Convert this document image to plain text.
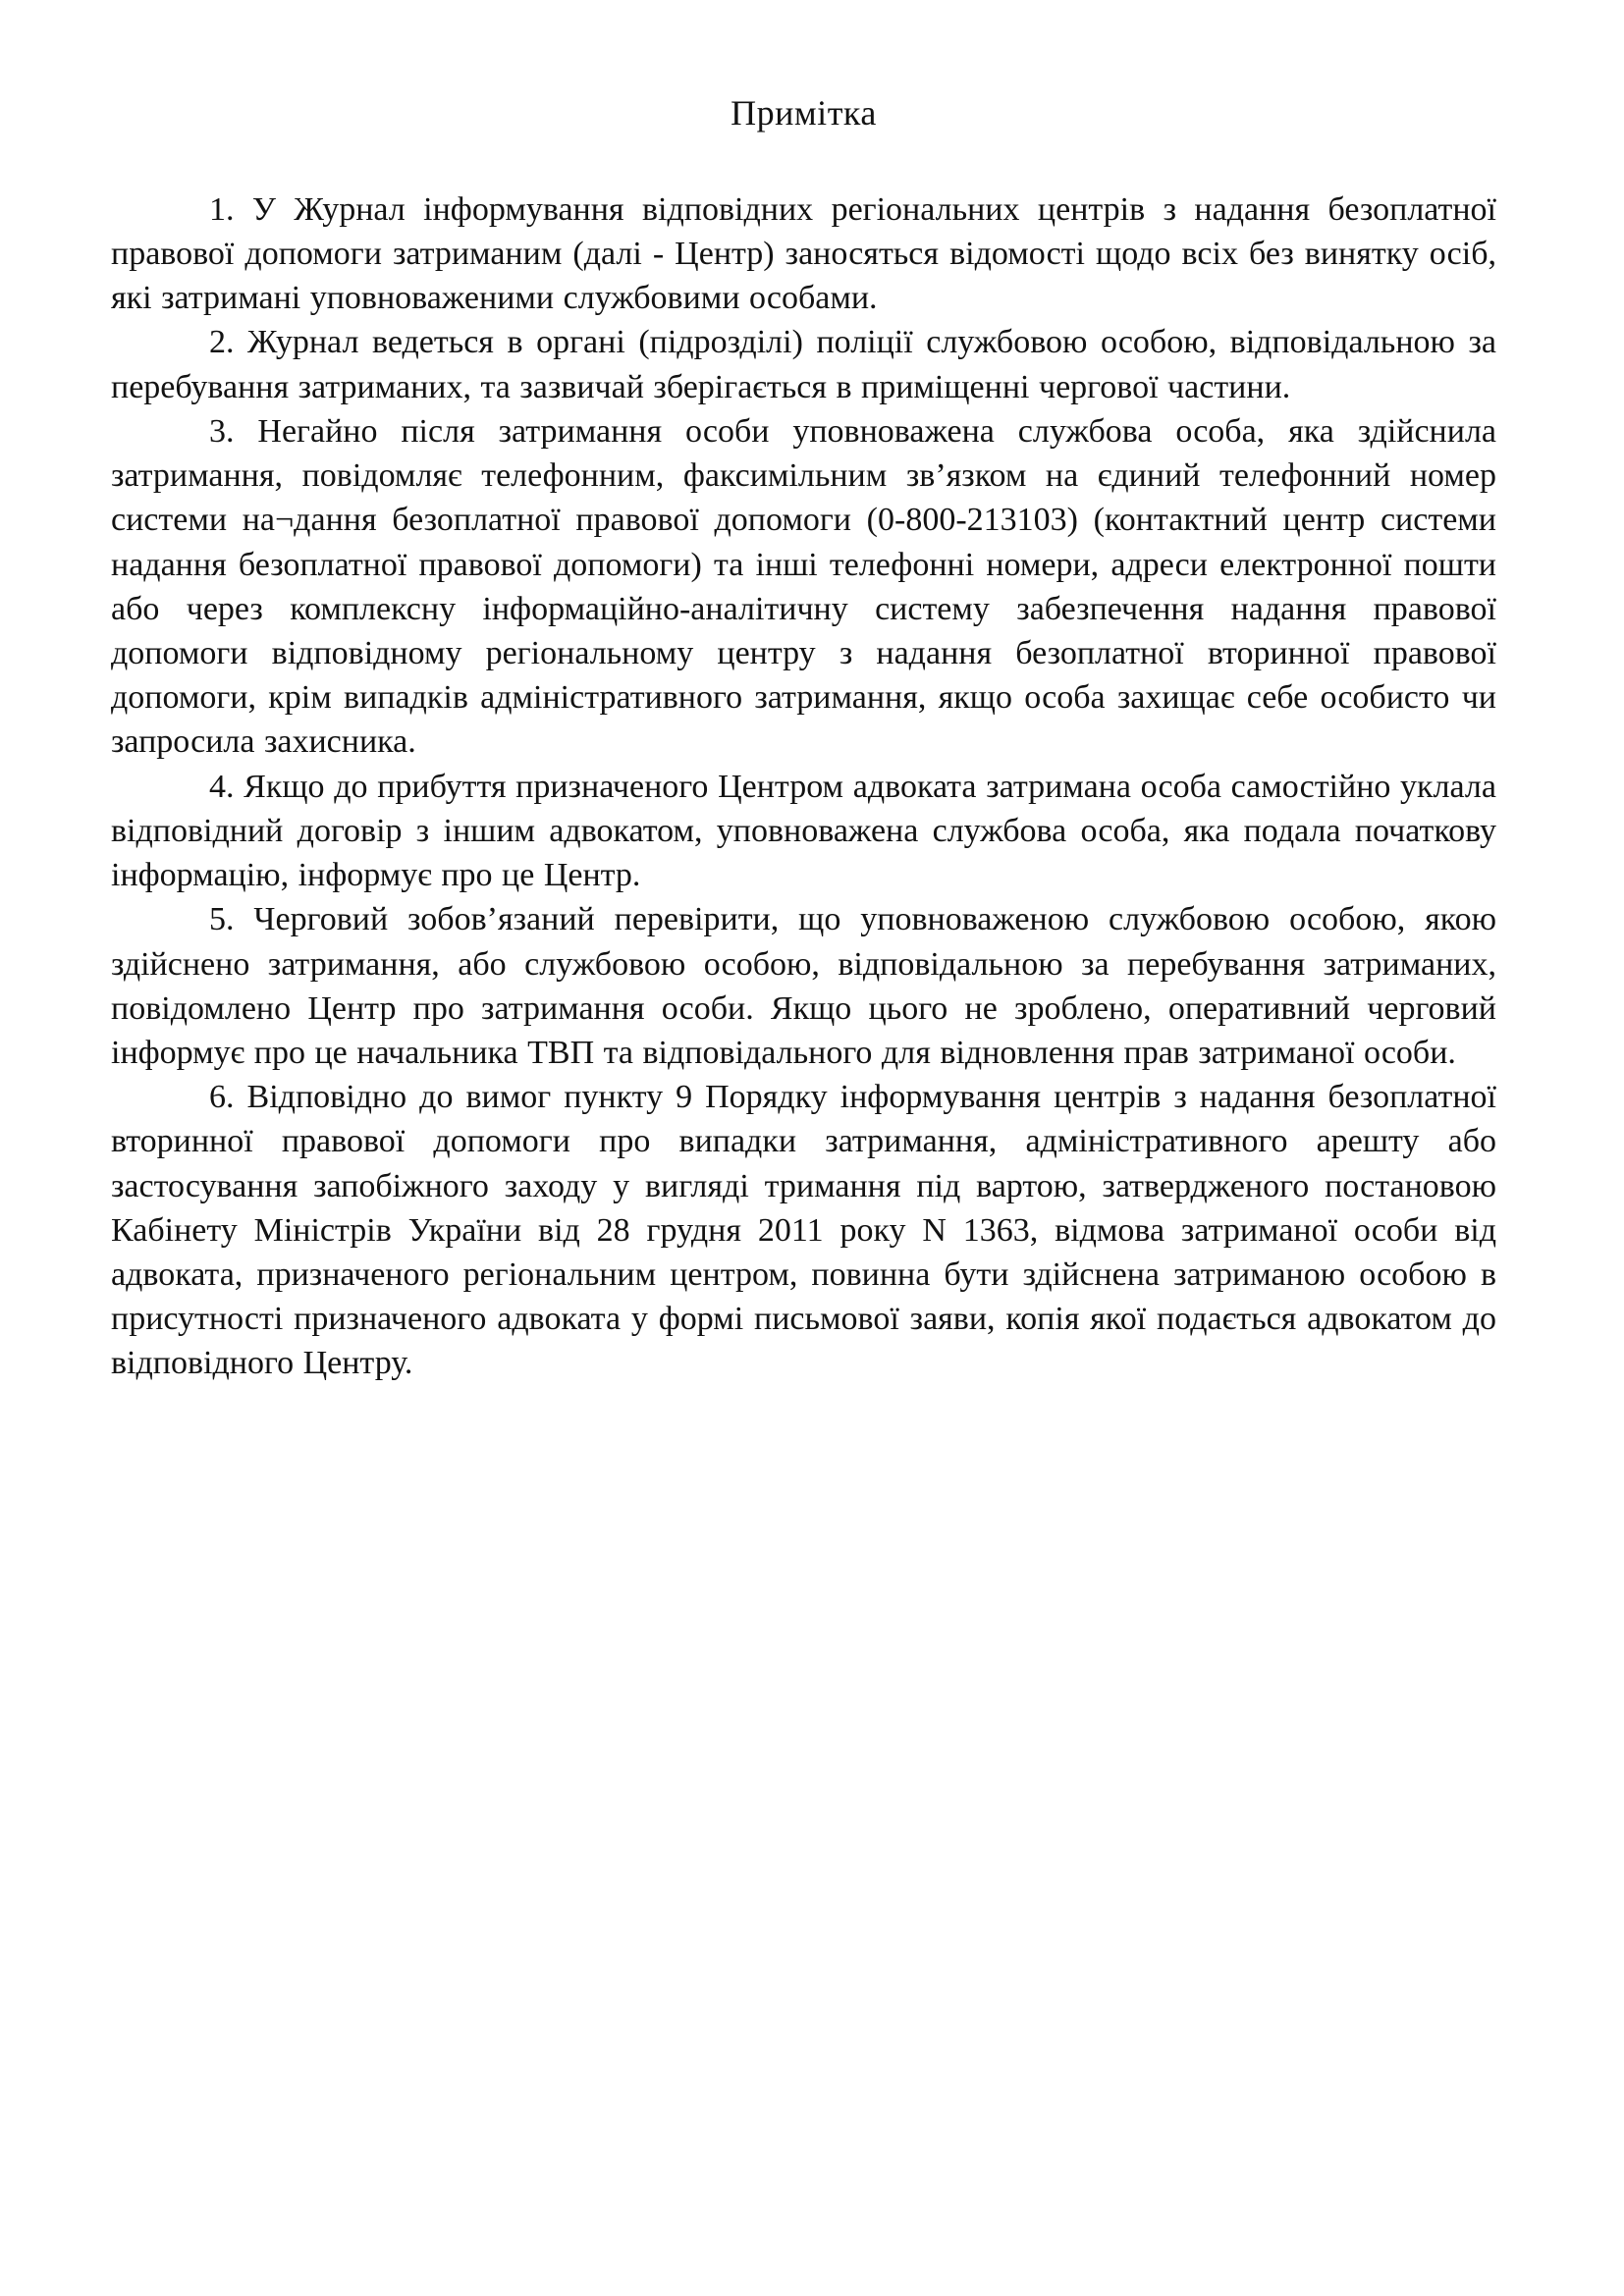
Примітка

1. У Журнал інформування відповідних регіональних центрів з надання безоплатної правової допомоги затриманим (далі - Центр) заносяться відомості щодо всіх без винятку осіб, які затримані уповноваженими службовими особами.

2. Журнал ведеться в органі (підрозділі) поліції службовою особою, відповідальною за перебування затриманих, та зазвичай зберігається в приміщенні чергової частини.

3. Негайно після затримання особи уповноважена службова особа, яка здійснила затримання, повідомляє телефонним, факсимільним зв’язком на єдиний телефонний номер системи на¬дання безоплатної правової допомоги (0-800-213103) (контактний центр системи надання безоплатної правової допомоги) та інші телефонні номери, адреси електронної пошти або через комплексну інформаційно-аналітичну систему забезпечення надання правової допомоги відповідному регіональному центру з надання безоплатної вторинної правової допомоги, крім випадків адміністративного затримання, якщо особа захищає себе особисто чи запросила захисника.

4. Якщо до прибуття призначеного Центром адвоката затримана особа самостійно уклала відповідний договір з іншим адвокатом, уповноважена службова особа, яка подала початкову інформацію, інформує про це Центр.

5. Черговий зобов’язаний перевірити, що уповноваженою службовою особою, якою здійснено затримання, або службовою особою, відповідальною за перебування затриманих, повідомлено Центр про затримання особи. Якщо цього не зроблено, оперативний черговий інформує про це начальника ТВП та відповідального для відновлення прав затриманої особи.

6. Відповідно до вимог пункту 9 Порядку інформування центрів з надання безоплатної вторинної правової допомоги про випадки затримання, адміністративного арешту або застосування запобіжного заходу у вигляді тримання під вартою, затвердженого постановою Кабінету Міністрів України від 28 грудня 2011 року N 1363, відмова затриманої особи від адвоката, призначеного регіональним центром, повинна бути здійснена затриманою особою в присутності призначеного адвоката у формі письмової заяви, копія якої подається адвокатом до відповідного Центру.
